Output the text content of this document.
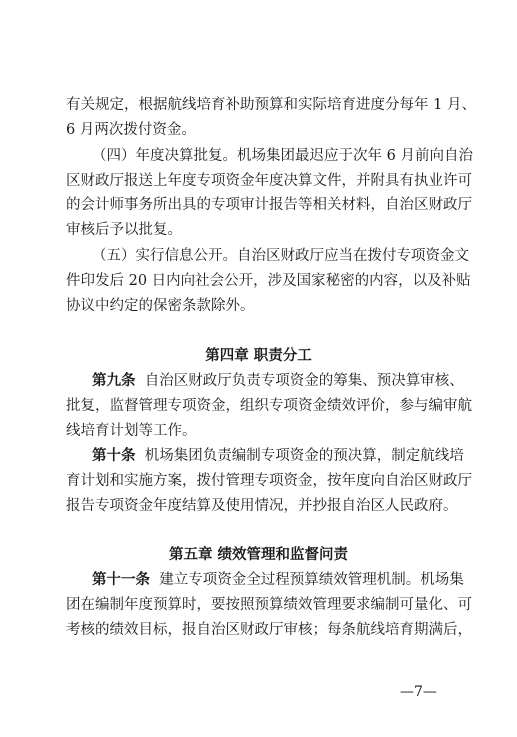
有关规定，根据航线培育补助预算和实际培育进度分每年 1 月、
6 月两次拨付资金。
（四）年度决算批复。机场集团最迟应于次年 6 月前向自治
区财政厅报送上年度专项资金年度决算文件，并附具有执业许可
的会计师事务所出具的专项审计报告等相关材料，自治区财政厅
审核后予以批复。
（五）实行信息公开。自治区财政厅应当在拨付专项资金文
件印发后 20 日内向社会公开，涉及国家秘密的内容，以及补贴
协议中约定的保密条款除外。
第四章 职责分工
第九条 自治区财政厅负责专项资金的筹集、预决算审核、
批复，监督管理专项资金，组织专项资金绩效评价，参与编审航
线培育计划等工作。
第十条 机场集团负责编制专项资金的预决算，制定航线培
育计划和实施方案，拨付管理专项资金，按年度向自治区财政厅
报告专项资金年度结算及使用情况，并抄报自治区人民政府。
第五章 绩效管理和监督问责
第十一条 建立专项资金全过程预算绩效管理机制。机场集
团在编制年度预算时，要按照预算绩效管理要求编制可量化、可
考核的绩效目标，报自治区财政厅审核；每条航线培育期满后，
—7—
